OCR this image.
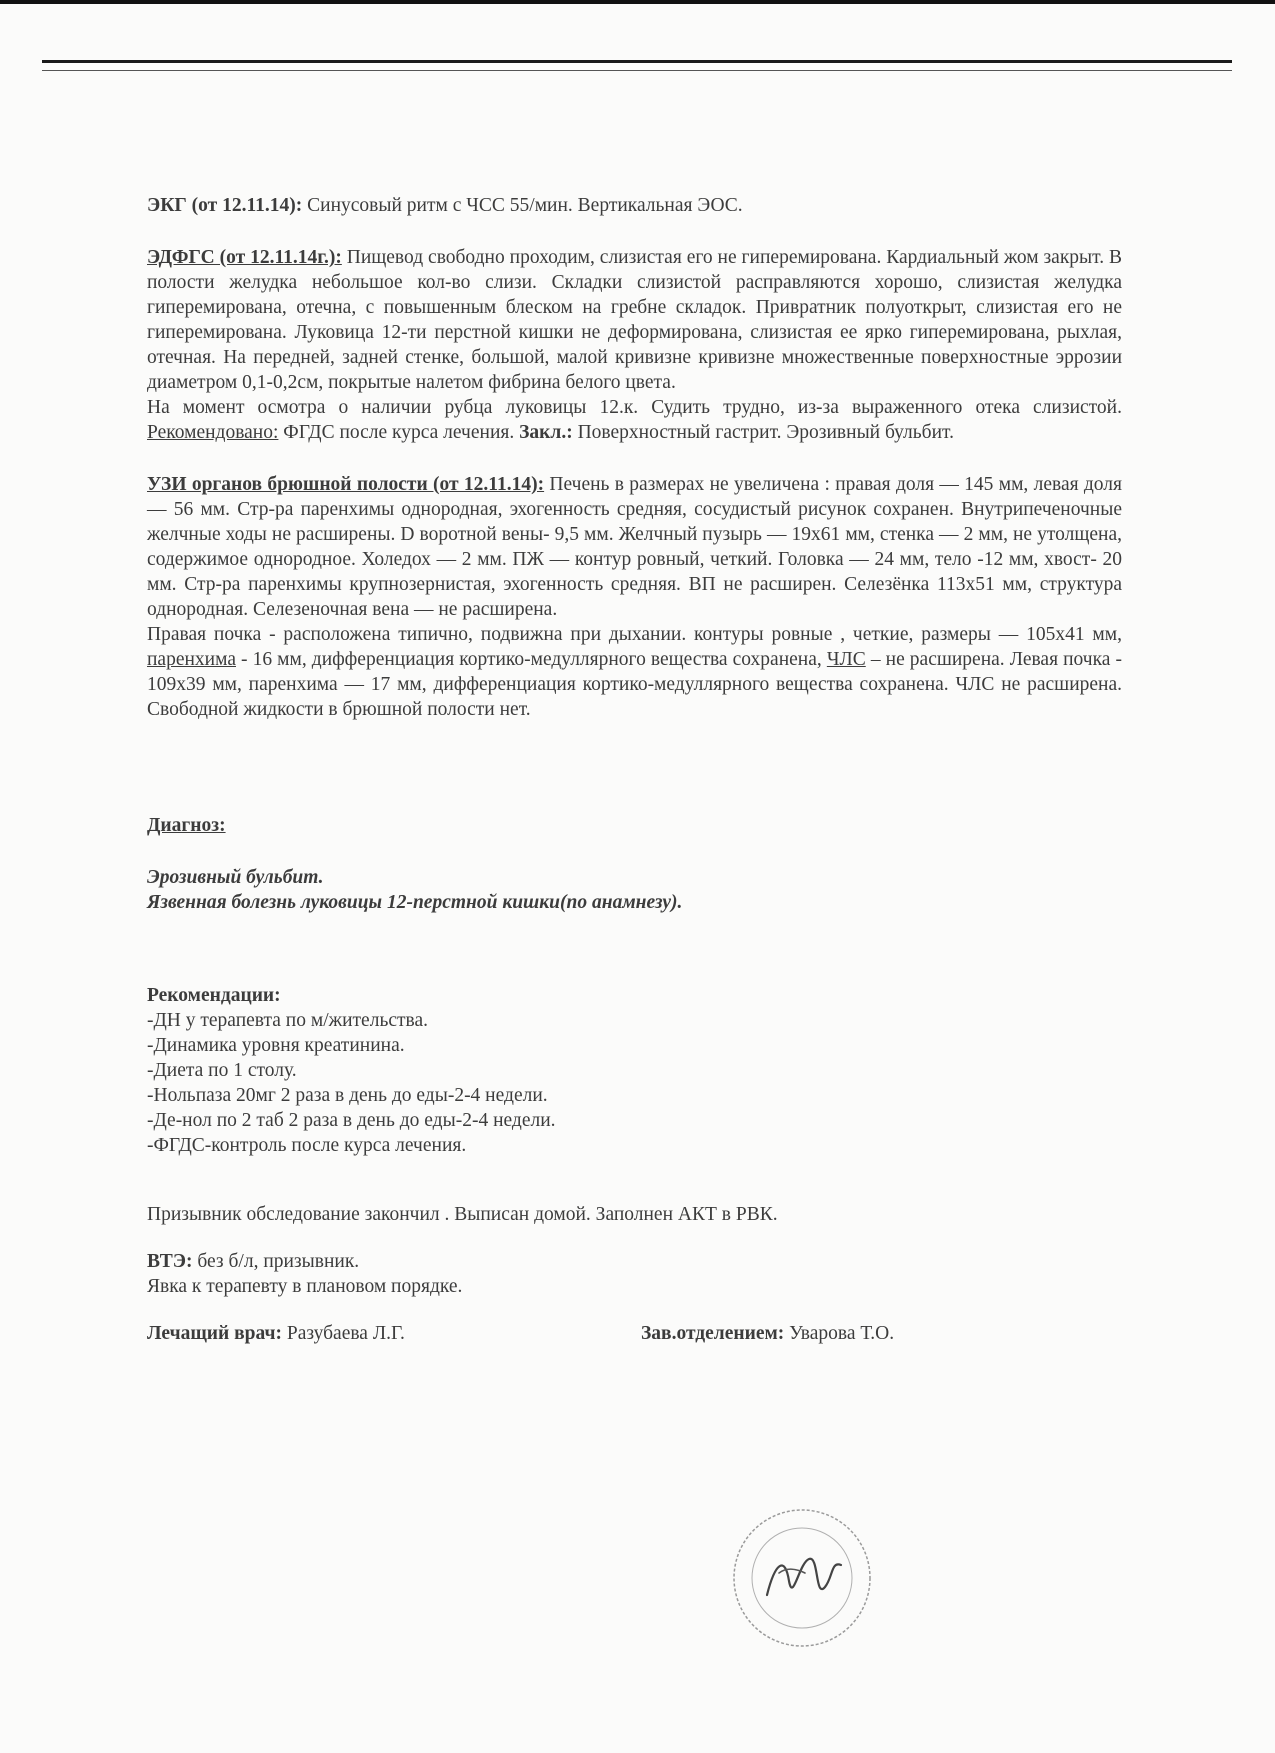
ЭКГ (от 12.11.14): Синусовый ритм с ЧСС 55/мин. Вертикальная ЭОС.

ЭДФГС (от 12.11.14г.): Пищевод свободно проходим, слизистая его не гиперемирована. Кардиальный жом закрыт. В полости желудка небольшое кол-во слизи. Складки слизистой расправляются хорошо, слизистая желудка гиперемирована, отечна, с повышенным блеском на гребне складок. Привратник полуоткрыт, слизистая его не гиперемирована. Луковица 12-ти перстной кишки не деформирована, слизистая ее ярко гиперемирована, рыхлая, отечная. На передней, задней стенке, большой, малой кривизне кривизне множественные поверхностные эррозии диаметром 0,1-0,2см, покрытые налетом фибрина белого цвета.

На момент осмотра о наличии рубца луковицы 12.к. Судить трудно, из-за выраженного отека слизистой. Рекомендовано: ФГДС после курса лечения. Закл.: Поверхностный гастрит. Эрозивный бульбит.

УЗИ органов брюшной полости (от 12.11.14): Печень в размерах не увеличена : правая доля — 145 мм, левая доля — 56 мм. Стр-ра паренхимы однородная, эхогенность средняя, сосудистый рисунок сохранен. Внутрипеченочные желчные ходы не расширены. D воротной вены- 9,5 мм. Желчный пузырь — 19х61 мм, стенка — 2 мм, не утолщена, содержимое однородное. Холедох — 2 мм. ПЖ — контур ровный, четкий. Головка — 24 мм, тело -12 мм, хвост- 20 мм. Стр-ра паренхимы крупнозернистая, эхогенность средняя. ВП не расширен. Селезёнка 113х51 мм, структура однородная. Селезеночная вена — не расширена.

Правая почка - расположена типично, подвижна при дыхании. контуры ровные , четкие, размеры — 105х41 мм, паренхима - 16 мм, дифференциация кортико-медуллярного вещества сохранена, ЧЛС – не расширена. Левая почка - 109х39 мм, паренхима — 17 мм, дифференциация кортико-медуллярного вещества сохранена. ЧЛС не расширена. Свободной жидкости в брюшной полости нет.

Диагноз:
Эрозивный бульбит.
Язвенная болезнь луковицы 12-перстной кишки(по анамнезу).
Рекомендации:
-ДН у терапевта по м/жительства.
-Динамика уровня креатинина.
-Диета по 1 столу.
-Нольпаза 20мг 2 раза в день до еды-2-4 недели.
-Де-нол по 2 таб 2 раза в день до еды-2-4 недели.
-ФГДС-контроль после курса лечения.
Призывник обследование закончил . Выписан домой. Заполнен АКТ в РВК.
ВТЭ: без б/л, призывник.
Явка к терапевту в плановом порядке.
Лечащий врач: Разубаева Л.Г.	Зав.отделением: Уварова Т.О.
